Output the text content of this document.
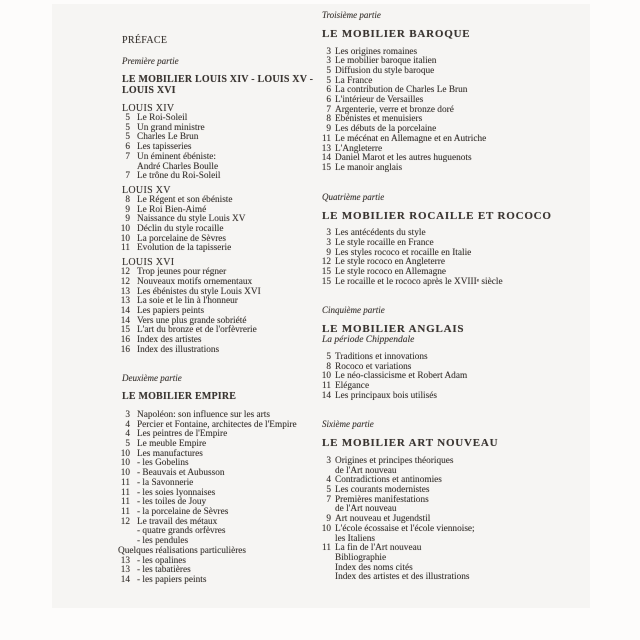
PRÉFACE
Première partie
LE MOBILIER LOUIS XIV - LOUIS XV -
LOUIS XVI
LOUIS XIV
5 Le Roi-Soleil
5 Un grand ministre
5 Charles Le Brun
6 Les tapisseries
7 Un éminent ébéniste:
André Charles Boulle
7 Le trône du Roi-Soleil
LOUIS XV
8 Le Régent et son ébéniste
9 Le Roi Bien-Aimé
9 Naissance du style Louis XV
10 Déclin du style rocaille
10 La porcelaine de Sèvres
11 Evolution de la tapisserie
LOUIS XVI
12 Trop jeunes pour régner
12 Nouveaux motifs ornementaux
13 Les ébénistes du style Louis XVI
13 La soie et le lin à l'honneur
14 Les papiers peints
14 Vers une plus grande sobriété
15 L'art du bronze et de l'orfèvrerie
16 Index des artistes
16 Index des illustrations
Deuxième partie
LE MOBILIER EMPIRE
3 Napoléon: son influence sur les arts
4 Percier et Fontaine, architectes de l'Empire
4 Les peintres de l'Empire
5 Le meuble Empire
10 Les manufactures
10 - les Gobelins
10 - Beauvais et Aubusson
11 - la Savonnerie
11 - les soies lyonnaises
11 - les toiles de Jouy
11 - la porcelaine de Sèvres
12 Le travail des métaux
- quatre grands orfèvres
- les pendules
Quelques réalisations particulières
13 - les opalines
13 - les tabatières
14 - les papiers peints
Troisième partie
LE MOBILIER BAROQUE
3 Les origines romaines
3 Le mobilier baroque italien
5 Diffusion du style baroque
5 La France
6 La contribution de Charles Le Brun
6 L'intérieur de Versailles
7 Argenterie, verre et bronze doré
8 Ebénistes et menuisiers
9 Les débuts de la porcelaine
11 Le mécénat en Allemagne et en Autriche
13 L'Angleterre
14 Daniel Marot et les autres huguenots
15 Le manoir anglais
Quatrième partie
LE MOBILIER ROCAILLE ET ROCOCO
3 Les antécédents du style
3 Le style rocaille en France
9 Les styles rococo et rocaille en Italie
12 Le style rococo en Angleterre
15 Le style rococo en Allemagne
15 Le rocaille et le rococo après le XVIIIᵉ siècle
Cinquième partie
LE MOBILIER ANGLAIS
La période Chippendale
5 Traditions et innovations
8 Rococo et variations
10 Le néo-classicisme et Robert Adam
11 Elégance
14 Les principaux bois utilisés
Sixième partie
LE MOBILIER ART NOUVEAU
3 Origines et principes théoriques
de l'Art nouveau
4 Contradictions et antinomies
5 Les courants modernistes
7 Premières manifestations
de l'Art nouveau
9 Art nouveau et Jugendstil
10 L'école écossaise et l'école viennoise;
les Italiens
11 La fin de l'Art nouveau
Bibliographie
Index des noms cités
Index des artistes et des illustrations
